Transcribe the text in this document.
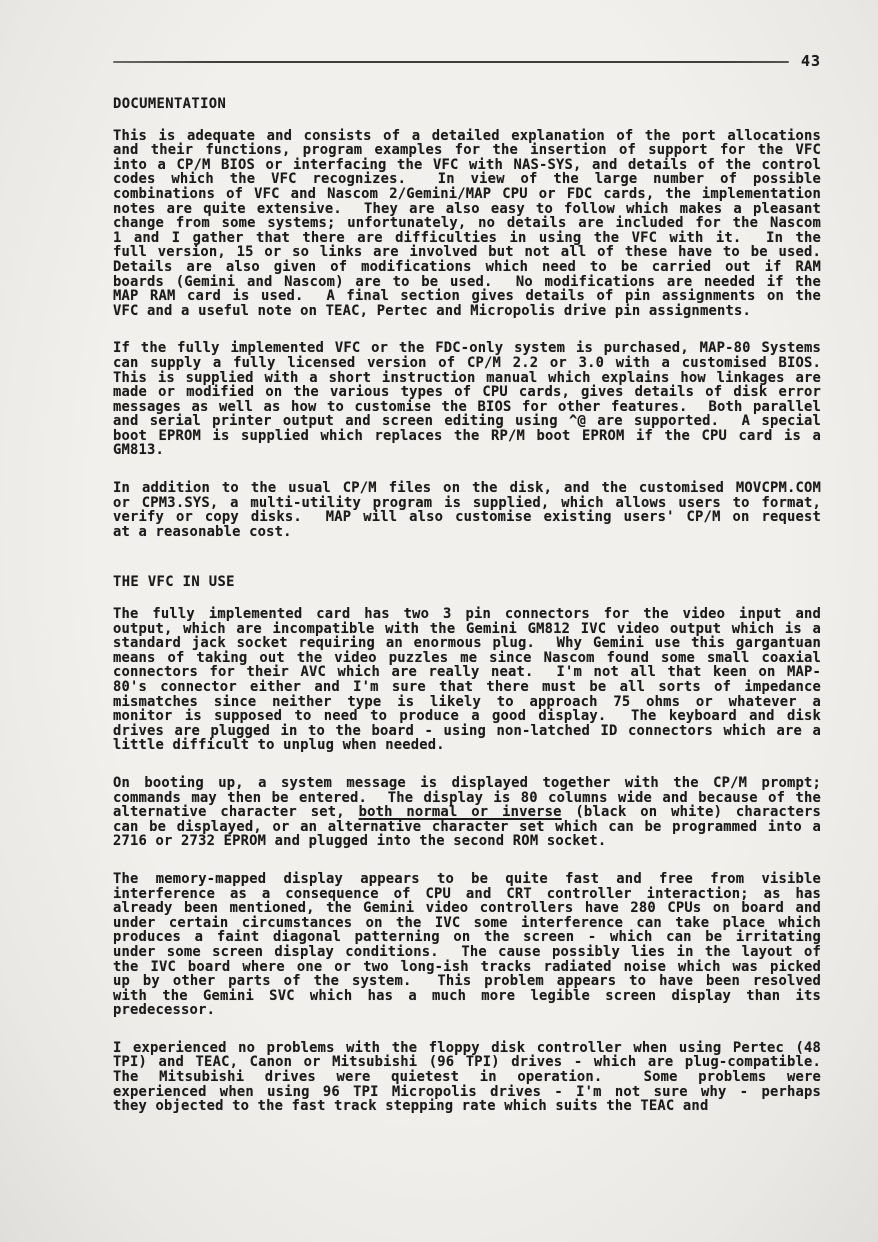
43
DOCUMENTATION
This is adequate and consists of a detailed explanation of the port allocations
and their functions, program examples for the insertion of support for the VFC
into a CP/M BIOS or interfacing the VFC with NAS-SYS, and details of the control
codes which the VFC recognizes.  In view of the large number of possible
combinations of VFC and Nascom 2/Gemini/MAP CPU or FDC cards, the implementation
notes are quite extensive.  They are also easy to follow which makes a pleasant
change from some systems; unfortunately, no details are included for the Nascom
1 and I gather that there are difficulties in using the VFC with it.  In the
full version, 15 or so links are involved but not all of these have to be used.
Details are also given of modifications which need to be carried out if RAM
boards (Gemini and Nascom) are to be used.  No modifications are needed if the
MAP RAM card is used.  A final section gives details of pin assignments on the
VFC and a useful note on TEAC, Pertec and Micropolis drive pin assignments.
If the fully implemented VFC or the FDC-only system is purchased, MAP-80 Systems
can supply a fully licensed version of CP/M 2.2 or 3.0 with a customised BIOS.
This is supplied with a short instruction manual which explains how linkages are
made or modified on the various types of CPU cards, gives details of disk error
messages as well as how to customise the BIOS for other features.  Both parallel
and serial printer output and screen editing using ^@ are supported.  A special
boot EPROM is supplied which replaces the RP/M boot EPROM if the CPU card is a
GM813.
In addition to the usual CP/M files on the disk, and the customised MOVCPM.COM
or CPM3.SYS, a multi-utility program is supplied, which allows users to format,
verify or copy disks.  MAP will also customise existing users' CP/M on request
at a reasonable cost.
THE VFC IN USE
The fully implemented card has two 3 pin connectors for the video input and
output, which are incompatible with the Gemini GM812 IVC video output which is a
standard jack socket requiring an enormous plug.  Why Gemini use this gargantuan
means of taking out the video puzzles me since Nascom found some small coaxial
connectors for their AVC which are really neat.  I'm not all that keen on MAP-
80's connector either and I'm sure that there must be all sorts of impedance
mismatches since neither type is likely to approach 75 ohms or whatever a
monitor is supposed to need to produce a good display.  The keyboard and disk
drives are plugged in to the board - using non-latched ID connectors which are a
little difficult to unplug when needed.
On booting up, a system message is displayed together with the CP/M prompt;
commands may then be entered.  The display is 80 columns wide and because of the
alternative character set, both normal or inverse (black on white) characters
can be displayed, or an alternative character set which can be programmed into a
2716 or 2732 EPROM and plugged into the second ROM socket.
The memory-mapped display appears to be quite fast and free from visible
interference as a consequence of CPU and CRT controller interaction; as has
already been mentioned, the Gemini video controllers have 280 CPUs on board and
under certain circumstances on the IVC some interference can take place which
produces a faint diagonal patterning on the screen - which can be irritating
under some screen display conditions.  The cause possibly lies in the layout of
the IVC board where one or two long-ish tracks radiated noise which was picked
up by other parts of the system.  This problem appears to have been resolved
with the Gemini SVC which has a much more legible screen display than its
predecessor.
I experienced no problems with the floppy disk controller when using Pertec (48
TPI) and TEAC, Canon or Mitsubishi (96 TPI) drives - which are plug-compatible.
The Mitsubishi drives were quietest in operation.  Some problems were
experienced when using 96 TPI Micropolis drives - I'm not sure why - perhaps
they objected to the fast track stepping rate which suits the TEAC and
